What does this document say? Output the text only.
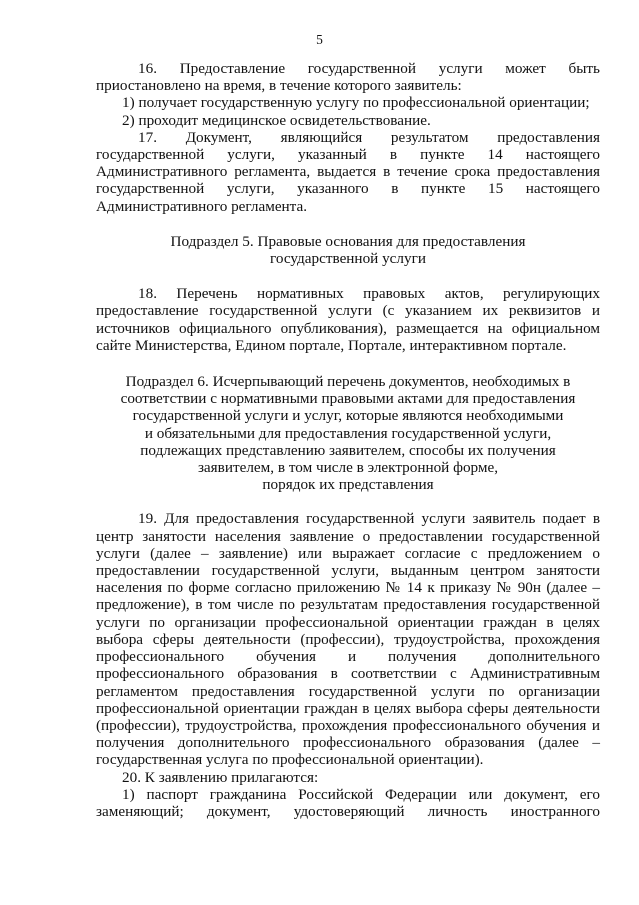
5

16. Предоставление государственной услуги может быть приостановлено на время, в течение которого заявитель:

1) получает государственную услугу по профессиональной ориентации;

2) проходит медицинское освидетельствование.

17. Документ, являющийся результатом предоставления государственной услуги, указанный в пункте 14 настоящего Административного регламента, выдается в течение срока предоставления государственной услуги, указанного в пункте 15 настоящего Административного регламента.

Подраздел 5. Правовые основания для предоставления
государственной услуги

18. Перечень нормативных правовых актов, регулирующих предоставление государственной услуги (с указанием их реквизитов и источников официального опубликования), размещается на официальном сайте Министерства, Едином портале, Портале, интерактивном портале.

Подраздел 6. Исчерпывающий перечень документов, необходимых в
соответствии с нормативными правовыми актами для предоставления
государственной услуги и услуг, которые являются необходимыми
и обязательными для предоставления государственной услуги,
подлежащих представлению заявителем, способы их получения
заявителем, в том числе в электронной форме,
порядок их представления

19. Для предоставления государственной услуги заявитель подает в центр занятости населения заявление о предоставлении государственной услуги (далее – заявление) или выражает согласие с предложением о предоставлении государственной услуги, выданным центром занятости населения по форме согласно приложению № 14 к приказу № 90н (далее – предложение), в том числе по результатам предоставления государственной услуги по организации профессиональной ориентации граждан в целях выбора сферы деятельности (профессии), трудоустройства, прохождения профессионального обучения и получения дополнительного профессионального образования в соответствии с Административным регламентом предоставления государственной услуги по организации профессиональной ориентации граждан в целях выбора сферы деятельности (профессии), трудоустройства, прохождения профессионального обучения и получения дополнительного профессионального образования (далее – государственная услуга по профессиональной ориентации).

20. К заявлению прилагаются:

1) паспорт гражданина Российской Федерации или документ, его

заменяющий; документ, удостоверяющий личность иностранного
